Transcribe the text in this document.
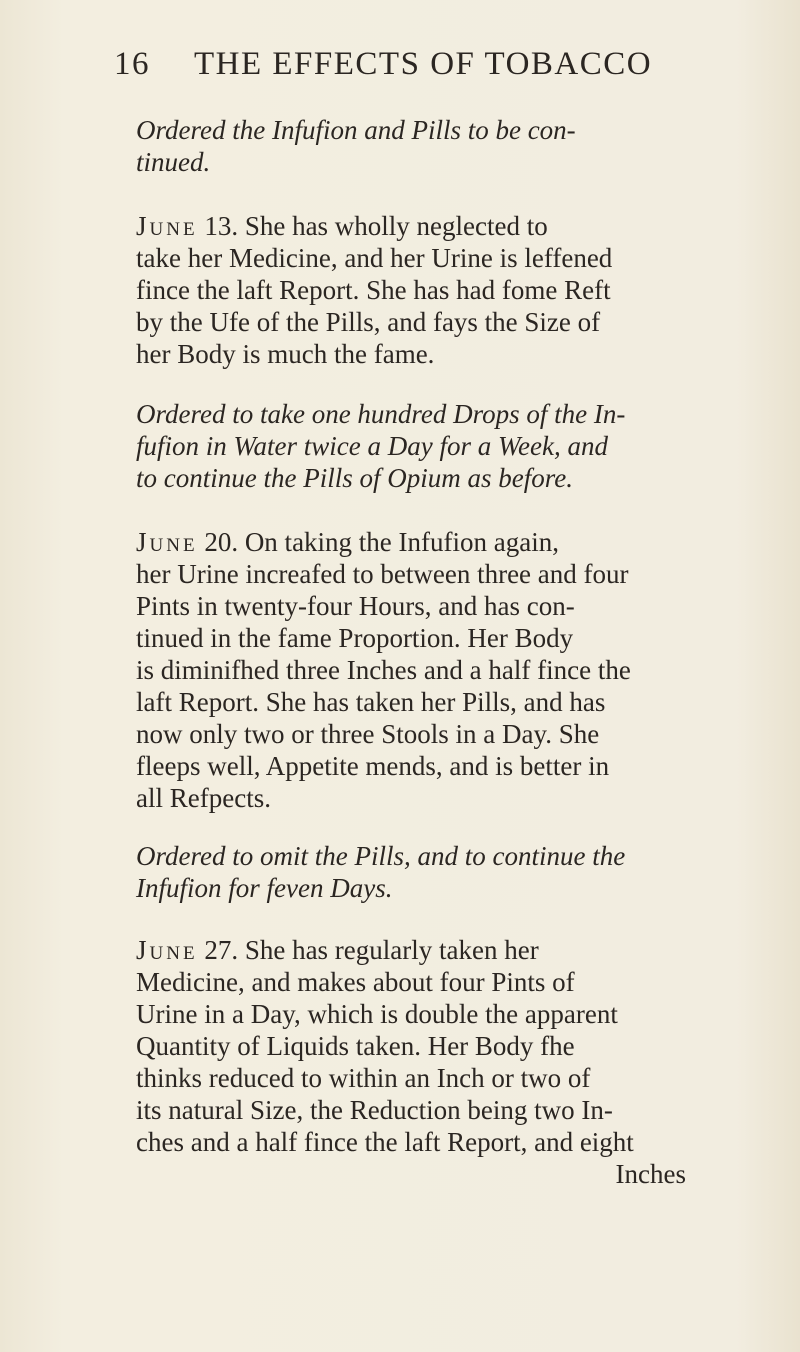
16 THE EFFECTS OF TOBACCO
Ordered the Infufion and Pills to be con-
tinued.
June 13. She has wholly neglected to
take her Medicine, and her Urine is leffened
fince the laft Report. She has had fome Reft
by the Ufe of the Pills, and fays the Size of
her Body is much the fame.
Ordered to take one hundred Drops of the In-
fufion in Water twice a Day for a Week, and
to continue the Pills of Opium as before.
June 20. On taking the Infufion again,
her Urine increafed to between three and four
Pints in twenty-four Hours, and has con-
tinued in the fame Proportion. Her Body
is diminifhed three Inches and a half fince the
laft Report. She has taken her Pills, and has
now only two or three Stools in a Day. She
fleeps well, Appetite mends, and is better in
all Refpects.
Ordered to omit the Pills, and to continue the
Infufion for feven Days.
June 27. She has regularly taken her
Medicine, and makes about four Pints of
Urine in a Day, which is double the apparent
Quantity of Liquids taken. Her Body fhe
thinks reduced to within an Inch or two of
its natural Size, the Reduction being two In-
ches and a half fince the laft Report, and eight
Inches
